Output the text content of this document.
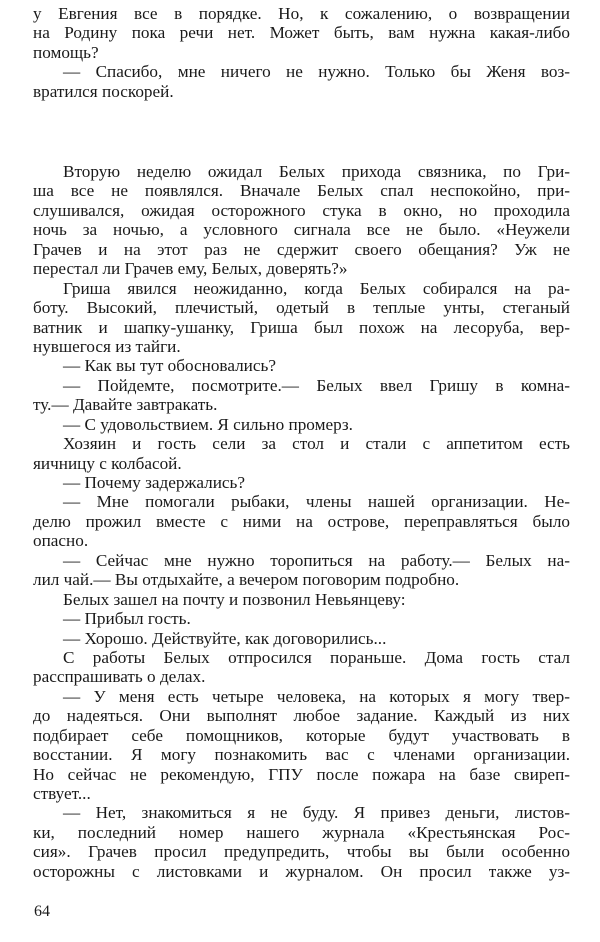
у Евгения все в порядке. Но, к сожалению, о возвращении
на Родину пока речи нет. Может быть, вам нужна какая-либо
помощь?
— Спасибо, мне ничего не нужно. Только бы Женя воз-
вратился поскорей.
Вторую неделю ожидал Белых прихода связника, по Гри-
ша все не появлялся. Вначале Белых спал неспокойно, при-
слушивался, ожидая осторожного стука в окно, но проходила
ночь за ночью, а условного сигнала все не было. «Неужели
Грачев и на этот раз не сдержит своего обещания? Уж не
перестал ли Грачев ему, Белых, доверять?»
Гриша явился неожиданно, когда Белых собирался на ра-
боту. Высокий, плечистый, одетый в теплые унты, стеганый
ватник и шапку-ушанку, Гриша был похож на лесоруба, вер-
нувшегося из тайги.
— Как вы тут обосновались?
— Пойдемте, посмотрите.— Белых ввел Гришу в комна-
ту.— Давайте завтракать.
— С удовольствием. Я сильно промерз.
Хозяин и гость сели за стол и стали с аппетитом есть
яичницу с колбасой.
— Почему задержались?
— Мне помогали рыбаки, члены нашей организации. Не-
делю прожил вместе с ними на острове, переправляться было
опасно.
— Сейчас мне нужно торопиться на работу.— Белых на-
лил чай.— Вы отдыхайте, а вечером поговорим подробно.
Белых зашел на почту и позвонил Невьянцеву:
— Прибыл гость.
— Хорошо. Действуйте, как договорились...
С работы Белых отпросился пораньше. Дома гость стал
расспрашивать о делах.
— У меня есть четыре человека, на которых я могу твер-
до надеяться. Они выполнят любое задание. Каждый из них
подбирает себе помощников, которые будут участвовать в
восстании. Я могу познакомить вас с членами организации.
Но сейчас не рекомендую, ГПУ после пожара на базе свиреп-
ствует...
— Нет, знакомиться я не буду. Я привез деньги, листов-
ки, последний номер нашего журнала «Крестьянская Рос-
сия». Грачев просил предупредить, чтобы вы были особенно
осторожны с листовками и журналом. Он просил также уз-
64
